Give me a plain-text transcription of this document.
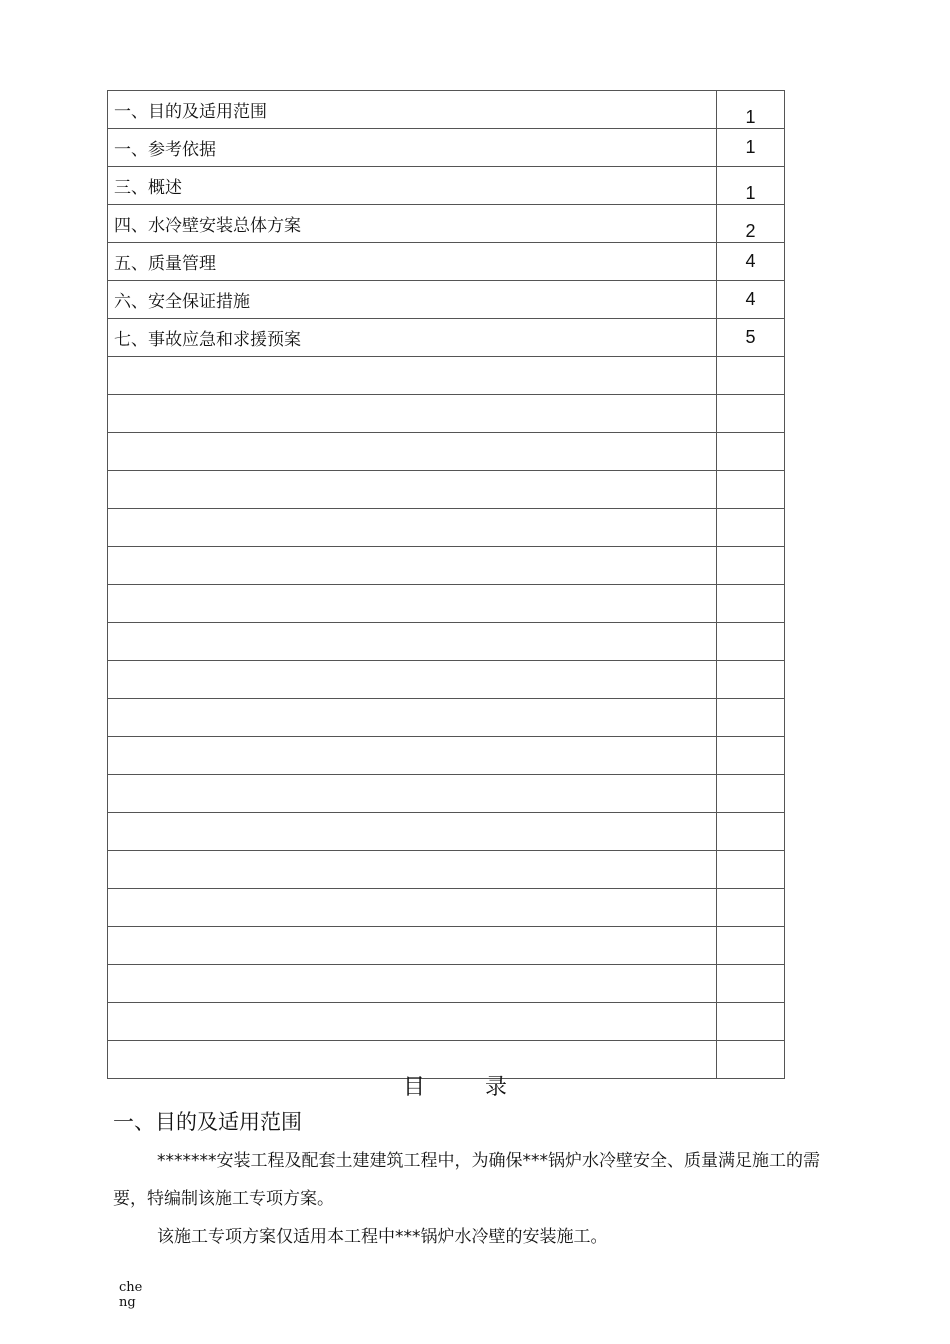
一、目的及适用范围	1
一、参考依据	1
三、概述	1
四、水冷壁安装总体方案	2
五、质量管理	4
六、安全保证措施	4
七、事故应急和求援预案	5

目录
一、目的及适用范围

*******安装工程及配套土建建筑工程中，为确保***锅炉水冷壁安全、质量满足施工的需要，特编制该施工专项方案。

该施工专项方案仅适用本工程中***锅炉水冷壁的安装施工。

cheng
